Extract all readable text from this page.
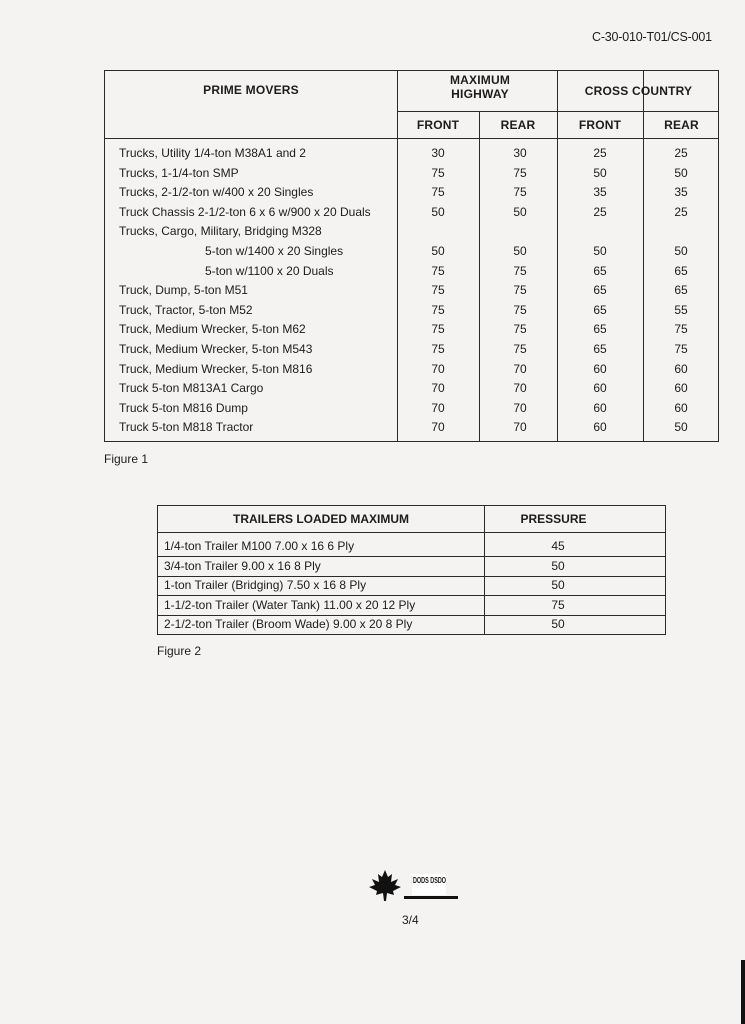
C-30-010-T01/CS-001
PRIME MOVERS
MAXIMUM HIGHWAY	CROSS COUNTRY
FRONT	REAR	FRONT	REAR
Trucks, Utility 1/4-ton M38A1 and 2	30	30	25	25
Trucks, 1-1/4-ton SMP	75	75	50	50
Trucks, 2-1/2-ton w/400 x 20 Singles	75	75	35	35
Truck Chassis 2-1/2-ton 6 x 6 w/900 x 20 Duals	50	50	25	25
Trucks, Cargo, Military, Bridging M328
5-ton w/1400 x 20 Singles	50	50	50	50
5-ton w/1100 x 20 Duals	75	75	65	65
Truck, Dump, 5-ton M51	75	75	65	65
Truck, Tractor, 5-ton M52	75	75	65	55
Truck, Medium Wrecker, 5-ton M62	75	75	65	75
Truck, Medium Wrecker, 5-ton M543	75	75	65	75
Truck, Medium Wrecker, 5-ton M816	70	70	60	60
Truck 5-ton M813A1 Cargo	70	70	60	60
Truck 5-ton M816 Dump	70	70	60	60
Truck 5-ton M818 Tractor	70	70	60	50
Figure 1
TRAILERS LOADED MAXIMUM	PRESSURE
1/4-ton Trailer M100 7.00 x 16 6 Ply	45
3/4-ton Trailer 9.00 x 16 8 Ply	50
1-ton Trailer (Bridging) 7.50 x 16 8 Ply	50
1-1/2-ton Trailer (Water Tank) 11.00 x 20 12 Ply	75
2-1/2-ton Trailer (Broom Wade) 9.00 x 20 8 Ply	50
Figure 2
DODS DSDO
3/4
